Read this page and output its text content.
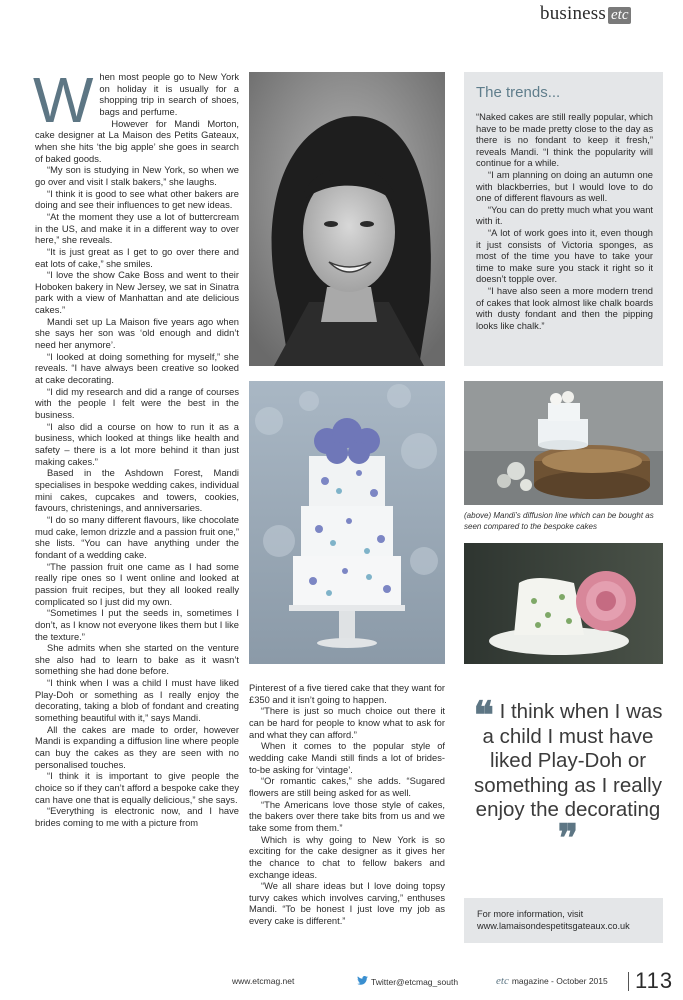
business etc

When most people go to New York on holiday it is usually for a shopping trip in search of shoes, bags and perfume.

However for Mandi Morton, cake designer at La Maison des Petits Gateaux, when she hits ‘the big apple’ she goes in search of baked goods.

“My son is studying in New York, so when we go over and visit I stalk bakers,” she laughs.

“I think it is good to see what other bakers are doing and see their influences to get new ideas.

“At the moment they use a lot of buttercream in the US, and make it in a different way to over here,” she reveals.

“It is just great as I get to go over there and eat lots of cake,” she smiles.

“I love the show Cake Boss and went to their Hoboken bakery in New Jersey, we sat in Sinatra park with a view of Manhattan and ate delicious cakes.”

Mandi set up La Maison five years ago when she says her son was ‘old enough and didn’t need her anymore’.

“I looked at doing something for myself,” she reveals. “I have always been creative so looked at cake decorating.

“I did my research and did a range of courses with the people I felt were the best in the business.

“I also did a course on how to run it as a business, which looked at things like health and safety – there is a lot more behind it than just making cakes.”

Based in the Ashdown Forest, Mandi specialises in bespoke wedding cakes, individual mini cakes, cupcakes and towers, cookies, favours, christenings, and anniversaries.

“I do so many different flavours, like chocolate mud cake, lemon drizzle and a passion fruit one,” she lists. “You can have anything under the fondant of a wedding cake.

“The passion fruit one came as I had some really ripe ones so I went online and looked at passion fruit recipes, but they all looked really complicated so I just did my own.

“Sometimes I put the seeds in, sometimes I don’t, as I know not everyone likes them but I like the texture.”

She admits when she started on the venture she also had to learn to bake as it wasn’t something she had done before.

“I think when I was a child I must have liked Play-Doh or something as I really enjoy the decorating, taking a blob of fondant and creating something beautiful with it,” says Mandi.

All the cakes are made to order, however Mandi is expanding a diffusion line where people can buy the cakes as they are seen with no personalised touches.

“I think it is important to give people the choice so if they can’t afford a bespoke cake they can have one that is equally delicious,” she says.

“Everything is electronic now, and I have brides coming to me with a picture from

Pinterest of a five tiered cake that they want for £350 and it isn’t going to happen.

“There is just so much choice out there it can be hard for people to know what to ask for and what they can afford.”

When it comes to the popular style of wedding cake Mandi still finds a lot of brides-to-be asking for ‘vintage’.

“Or romantic cakes,” she adds. “Sugared flowers are still being asked for as well.

“The Americans love those style of cakes, the bakers over there take bits from us and we take some from them.”

Which is why going to New York is so exciting for the cake designer as it gives her the chance to chat to fellow bakers and exchange ideas.

“We all share ideas but I love doing topsy turvy cakes which involves carving,” enthuses Mandi. “To be honest I just love my job as every cake is different.”

The trends...

“Naked cakes are still really popular, which have to be made pretty close to the day as there is no fondant to keep it fresh,” reveals Mandi. “I think the popularity will continue for a while.

“I am planning on doing an autumn one with blackberries, but I would love to do one of different flavours as well.

“You can do pretty much what you want with it.

“A lot of work goes into it, even though it just consists of Victoria sponges, as most of the time you have to take your time to make sure you stack it right so it doesn’t topple over.

“I have also seen a more modern trend of cakes that look almost like chalk boards with dusty fondant and then the pipping looks like chalk.”

(above) Mandi’s diffusion line which can be bought as seen compared to the bespoke cakes
❝ I think when I was a child I must have liked Play-Doh or something as I really enjoy the decorating ❞
For more information, visit
www.lamaisondespetitsgateaux.co.uk
www.etcmag.net	Twitter@etcmag_south	etc magazine - October 2015 113
